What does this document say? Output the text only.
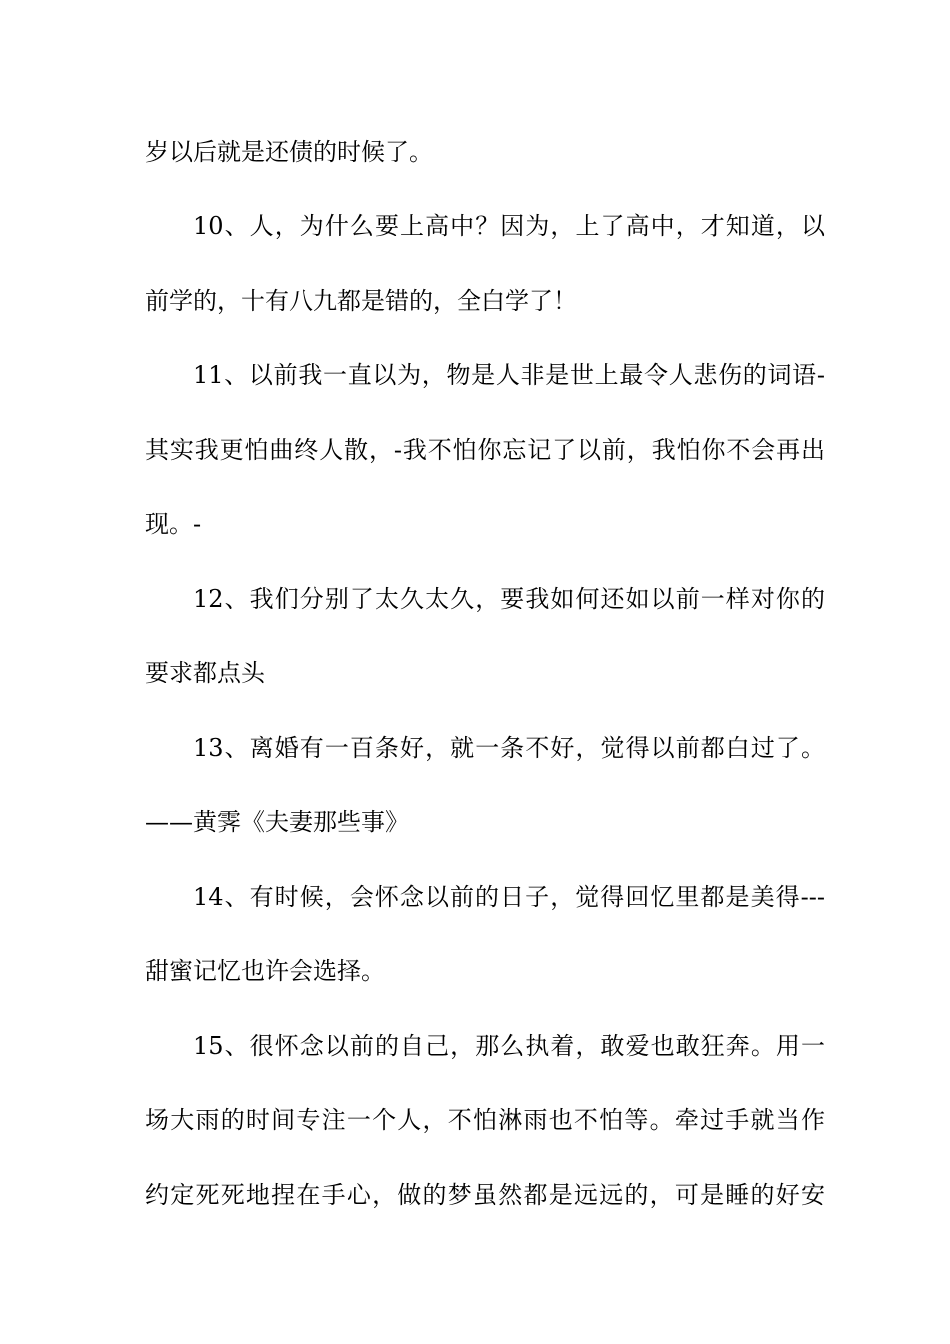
岁以后就是还债的时候了。
10、人，为什么要上高中？因为，上了高中，才知道，以
前学的，十有八九都是错的，全白学了！
11、以前我一直以为，物是人非是世上最令人悲伤的词语-
其实我更怕曲终人散，-我不怕你忘记了以前，我怕你不会再出
现。-
12、我们分别了太久太久，要我如何还如以前一样对你的
要求都点头
13、离婚有一百条好，就一条不好，觉得以前都白过了。
——黄霁《夫妻那些事》
14、有时候，会怀念以前的日子，觉得回忆里都是美得---
甜蜜记忆也许会选择。
15、很怀念以前的自己，那么执着，敢爱也敢狂奔。用一
场大雨的时间专注一个人，不怕淋雨也不怕等。牵过手就当作
约定死死地捏在手心，做的梦虽然都是远远的，可是睡的好安
